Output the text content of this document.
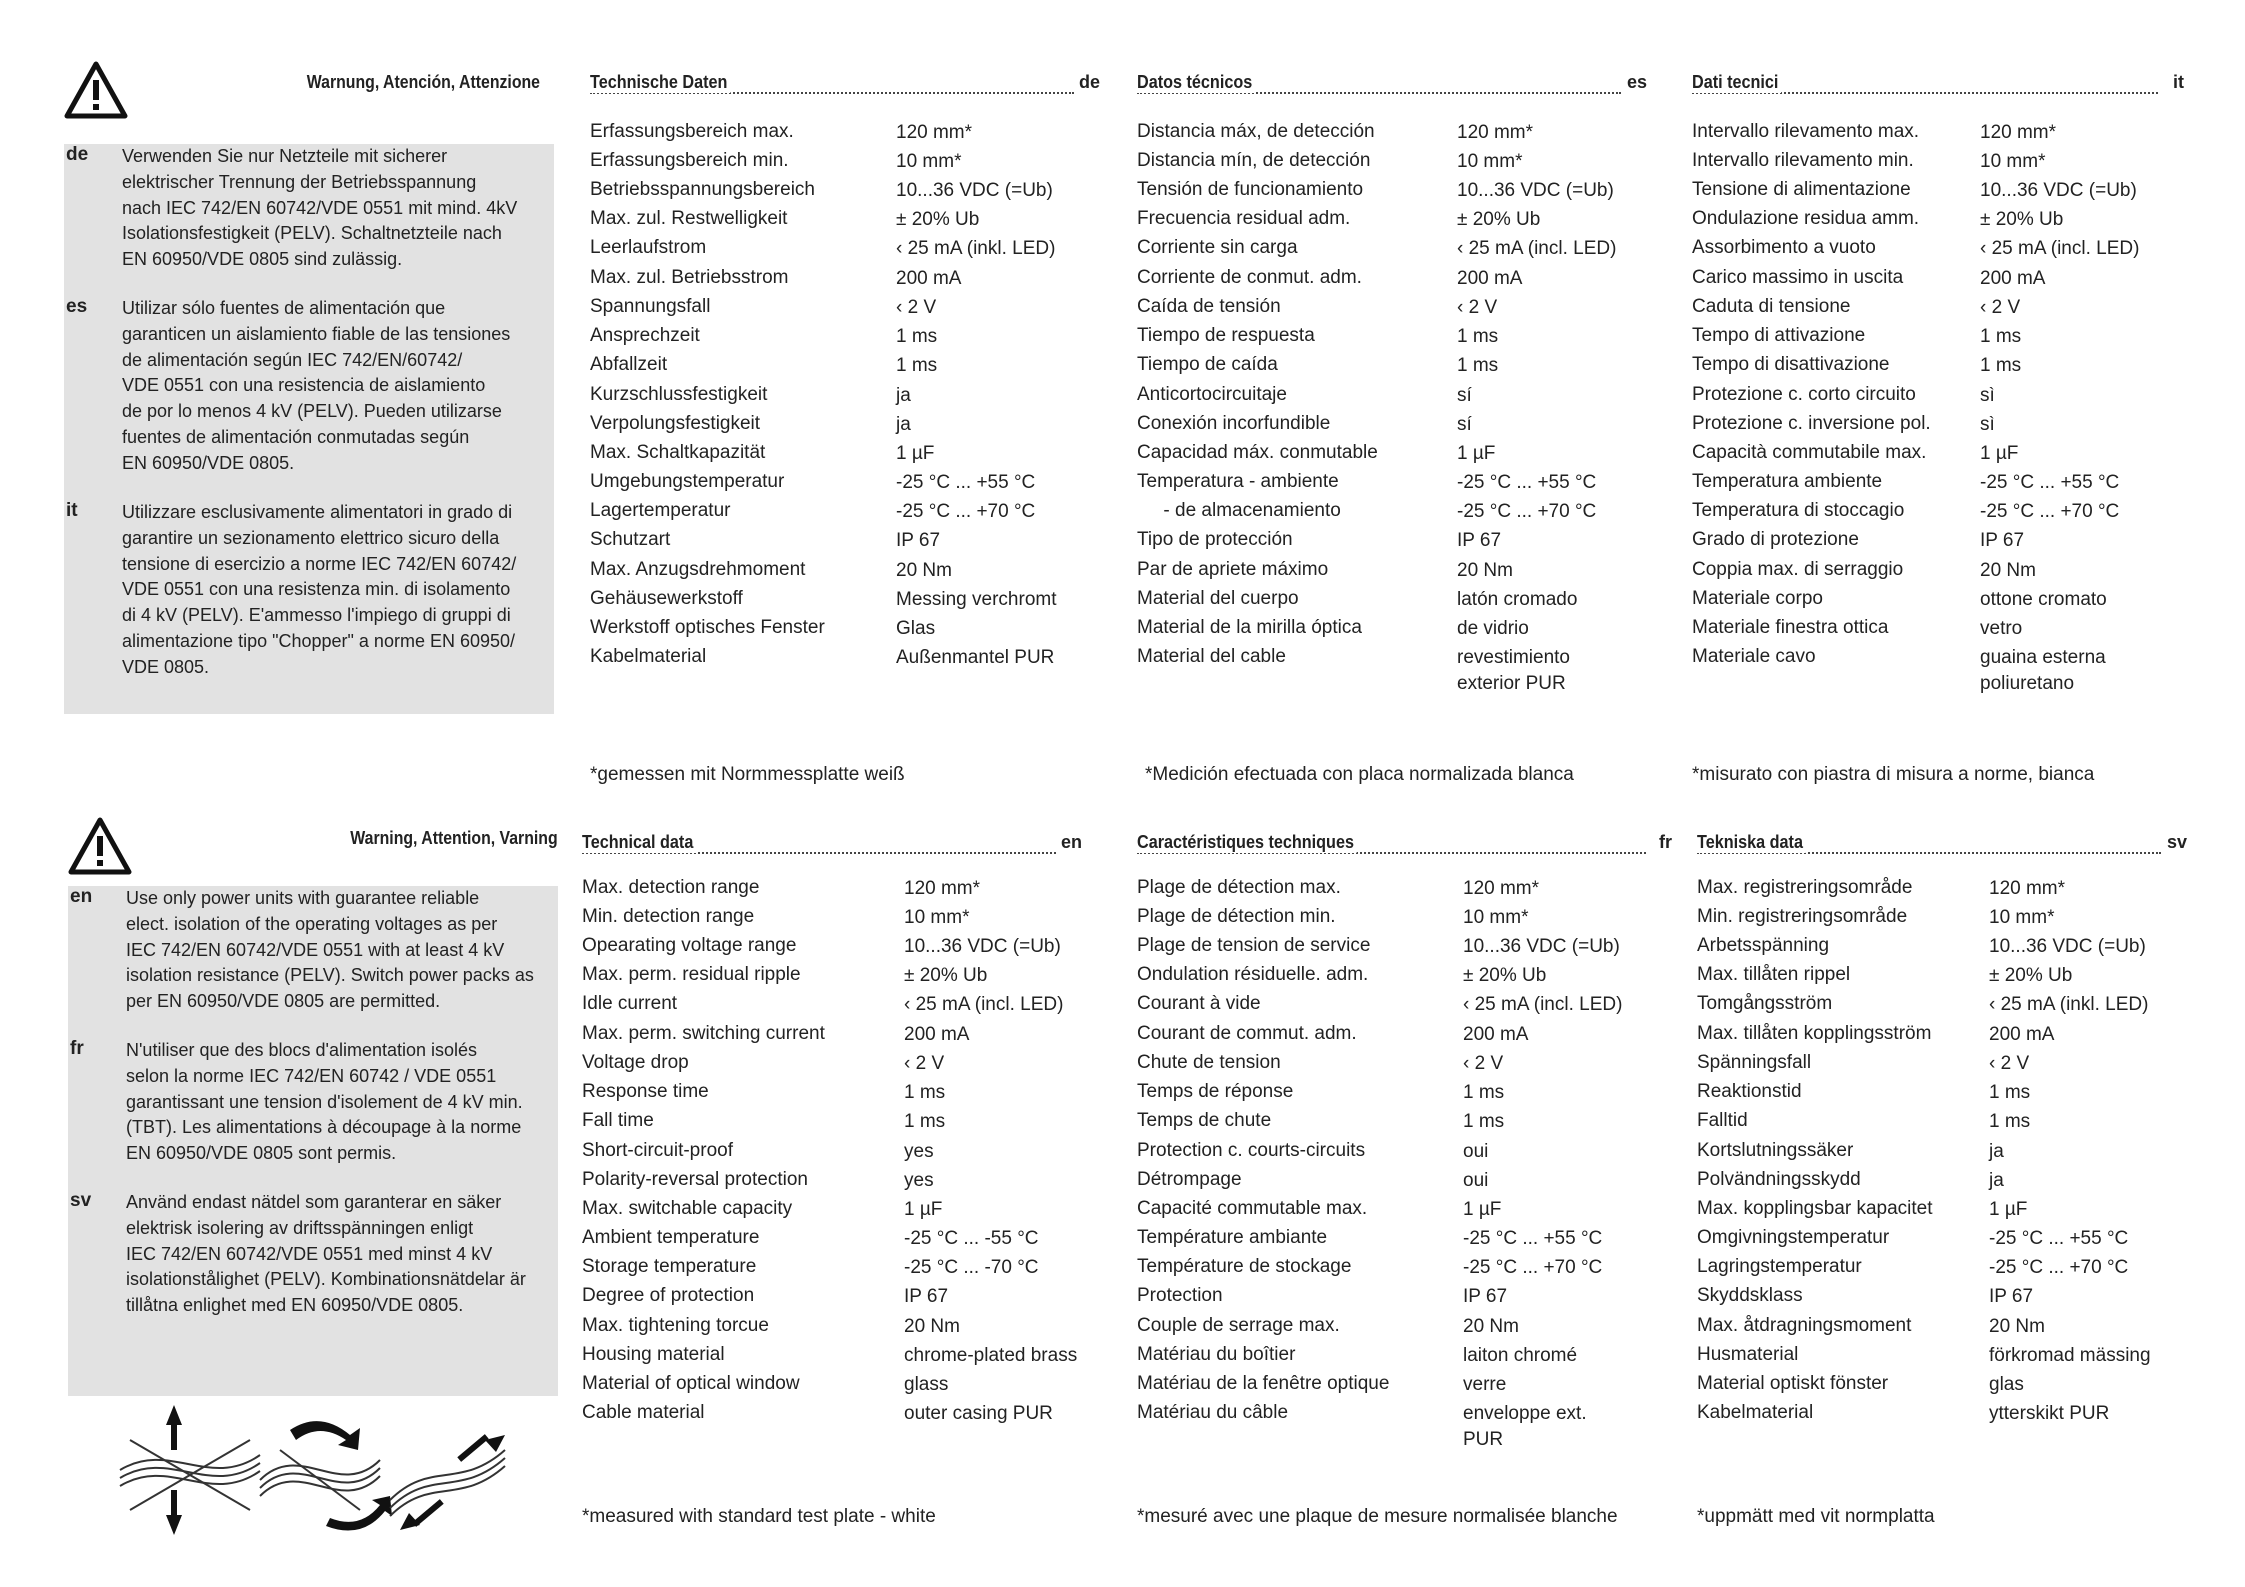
Warnung, Atención, Attenzione
de Verwenden Sie nur Netzteile mit sicherer
elektrischer Trennung der Betriebsspannung
nach IEC 742/EN 60742/VDE 0551 mit mind. 4kV
Isolationsfestigkeit (PELV). Schaltnetzteile nach
EN 60950/VDE 0805 sind zulässig.
es Utilizar sólo fuentes de alimentación que
garanticen un aislamiento fiable de las tensiones
de alimentación según IEC 742/EN/60742/
VDE 0551 con una resistencia de aislamiento
de por lo menos 4 kV (PELV). Pueden utilizarse
fuentes de alimentación conmutadas según
EN 60950/VDE 0805.
it Utilizzare esclusivamente alimentatori in grado di
garantire un sezionamento elettrico sicuro della
tensione di esercizio a norme IEC 742/EN 60742/
VDE 0551 con una resistenza min. di isolamento
di 4 kV (PELV). E'ammesso l'impiego di gruppi di
alimentazione tipo "Chopper" a norme EN 60950/
VDE 0805.
Warning, Attention, Varning
en Use only power units with guarantee reliable
elect. isolation of the operating voltages as per
IEC 742/EN 60742/VDE 0551 with at least 4 kV
isolation resistance (PELV). Switch power packs as
per EN 60950/VDE 0805 are permitted.
fr N'utiliser que des blocs d'alimentation isolés
selon la norme IEC 742/EN 60742 / VDE 0551
garantissant une tension d'isolement de 4 kV min.
(TBT). Les alimentations à découpage à la norme
EN 60950/VDE 0805 sont permis.
sv Använd endast nätdel som garanterar en säker
elektrisk isolering av driftsspänningen enligt
IEC 742/EN 60742/VDE 0551 med minst 4 kV
isolationstålighet (PELV). Kombinationsnätdelar är
tillåtna enlighet med EN 60950/VDE 0805.
Technische Daten	de
Erfassungsbereich max.	120 mm*
Erfassungsbereich min.	10 mm*
Betriebsspannungsbereich	10...36 VDC (=Ub)
Max. zul. Restwelligkeit	± 20% Ub
Leerlaufstrom	‹ 25 mA (inkl. LED)
Max. zul. Betriebsstrom	200 mA
Spannungsfall	‹ 2 V
Ansprechzeit	1 ms
Abfallzeit	1 ms
Kurzschlussfestigkeit	ja
Verpolungsfestigkeit	ja
Max. Schaltkapazität	1 µF
Umgebungstemperatur	-25 °C ... +55 °C
Lagertemperatur	-25 °C ... +70 °C
Schutzart	IP 67
Max. Anzugsdrehmoment	20 Nm
Gehäusewerkstoff	Messing verchromt
Werkstoff optisches Fenster	Glas
Kabelmaterial	Außenmantel PUR
*gemessen mit Normmessplatte weiß
Datos técnicos	es
Distancia máx, de detección	120 mm*
Distancia mín, de detección	10 mm*
Tensión de funcionamiento	10...36 VDC (=Ub)
Frecuencia residual adm.	± 20% Ub
Corriente sin carga	‹ 25 mA (incl. LED)
Corriente de conmut. adm.	200 mA
Caída de tensión	‹ 2 V
Tiempo de respuesta	1 ms
Tiempo de caída	1 ms
Anticortocircuitaje	sí
Conexión incorfundible	sí
Capacidad máx. conmutable	1 µF
Temperatura - ambiente	-25 °C ... +55 °C
- de almacenamiento	-25 °C ... +70 °C
Tipo de protección	IP 67
Par de apriete máximo	20 Nm
Material del cuerpo	latón cromado
Material de la mirilla óptica	de vidrio
Material del cable	revestimiento
exterior PUR
*Medición efectuada con placa normalizada blanca
Dati tecnici	it
Intervallo rilevamento max.	120 mm*
Intervallo rilevamento min.	10 mm*
Tensione di alimentazione	10...36 VDC (=Ub)
Ondulazione residua amm.	± 20% Ub
Assorbimento a vuoto	‹ 25 mA (incl. LED)
Carico massimo in uscita	200 mA
Caduta di tensione	‹ 2 V
Tempo di attivazione	1 ms
Tempo di disattivazione	1 ms
Protezione c. corto circuito	sì
Protezione c. inversione pol.	sì
Capacità commutabile max.	1 µF
Temperatura ambiente	-25 °C ... +55 °C
Temperatura di stoccagio	-25 °C ... +70 °C
Grado di protezione	IP 67
Coppia max. di serraggio	20 Nm
Materiale corpo	ottone cromato
Materiale finestra ottica	vetro
Materiale cavo	guaina esterna
poliuretano
*misurato con piastra di misura a norme, bianca
Technical data	en
Max. detection range	120 mm*
Min. detection range	10 mm*
Opearating voltage range	10...36 VDC (=Ub)
Max. perm. residual ripple	± 20% Ub
Idle current	‹ 25 mA (incl. LED)
Max. perm. switching current	200 mA
Voltage drop	‹ 2 V
Response time	1 ms
Fall time	1 ms
Short-circuit-proof	yes
Polarity-reversal protection	yes
Max. switchable capacity	1 µF
Ambient temperature	-25 °C ... -55 °C
Storage temperature	-25 °C ... -70 °C
Degree of protection	IP 67
Max. tightening torcue	20 Nm
Housing material	chrome-plated brass
Material of optical window	glass
Cable material	outer casing PUR
*measured with standard test plate - white
Caractéristiques techniques	fr
Plage de détection max.	120 mm*
Plage de détection min.	10 mm*
Plage de tension de service	10...36 VDC (=Ub)
Ondulation résiduelle. adm.	± 20% Ub
Courant à vide	‹ 25 mA (incl. LED)
Courant de commut. adm.	200 mA
Chute de tension	‹ 2 V
Temps de réponse	1 ms
Temps de chute	1 ms
Protection c. courts-circuits	oui
Détrompage	oui
Capacité commutable max.	1 µF
Température ambiante	-25 °C ... +55 °C
Température de stockage	-25 °C ... +70 °C
Protection	IP 67
Couple de serrage max.	20 Nm
Matériau du boîtier	laiton chromé
Matériau de la fenêtre optique	verre
Matériau du câble	enveloppe ext.
PUR
*mesuré avec une plaque de mesure normalisée blanche
Tekniska data	sv
Max. registreringsområde	120 mm*
Min. registreringsområde	10 mm*
Arbetsspänning	10...36 VDC (=Ub)
Max. tillåten rippel	± 20% Ub
Tomgångsström	‹ 25 mA (inkl. LED)
Max. tillåten kopplingsström	200 mA
Spänningsfall	‹ 2 V
Reaktionstid	1 ms
Falltid	1 ms
Kortslutningssäker	ja
Polvändningsskydd	ja
Max. kopplingsbar kapacitet	1 µF
Omgivningstemperatur	-25 °C ... +55 °C
Lagringstemperatur	-25 °C ... +70 °C
Skyddsklass	IP 67
Max. åtdragningsmoment	20 Nm
Husmaterial	förkromad mässing
Material optiskt fönster	glas
Kabelmaterial	ytterskikt PUR
*uppmätt med vit normplatta
